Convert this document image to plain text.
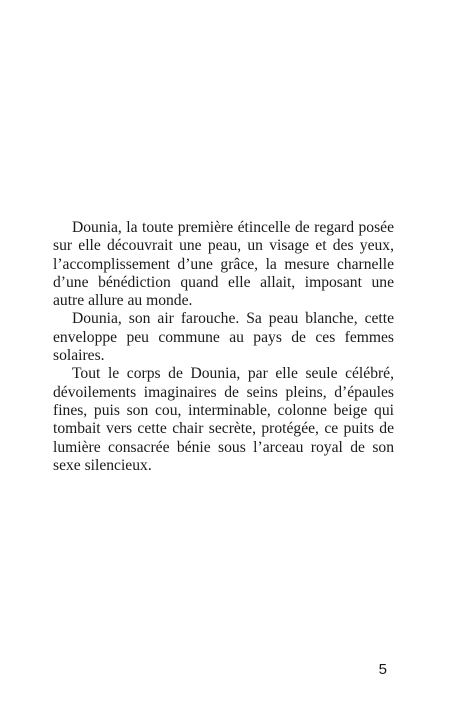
Dounia, la toute première étincelle de regard posée sur elle découvrait une peau, un visage et des yeux, l’accomplissement d’une grâce, la mesure charnelle d’une bénédiction quand elle allait, imposant une autre allure au monde.

Dounia, son air farouche. Sa peau blanche, cette enveloppe peu commune au pays de ces femmes solaires.

Tout le corps de Dounia, par elle seule célébré, dévoilements imaginaires de seins pleins, d’épaules fines, puis son cou, interminable, colonne beige qui tombait vers cette chair secrète, protégée, ce puits de lumière consacrée bénie sous l’arceau royal de son sexe silencieux.

5
